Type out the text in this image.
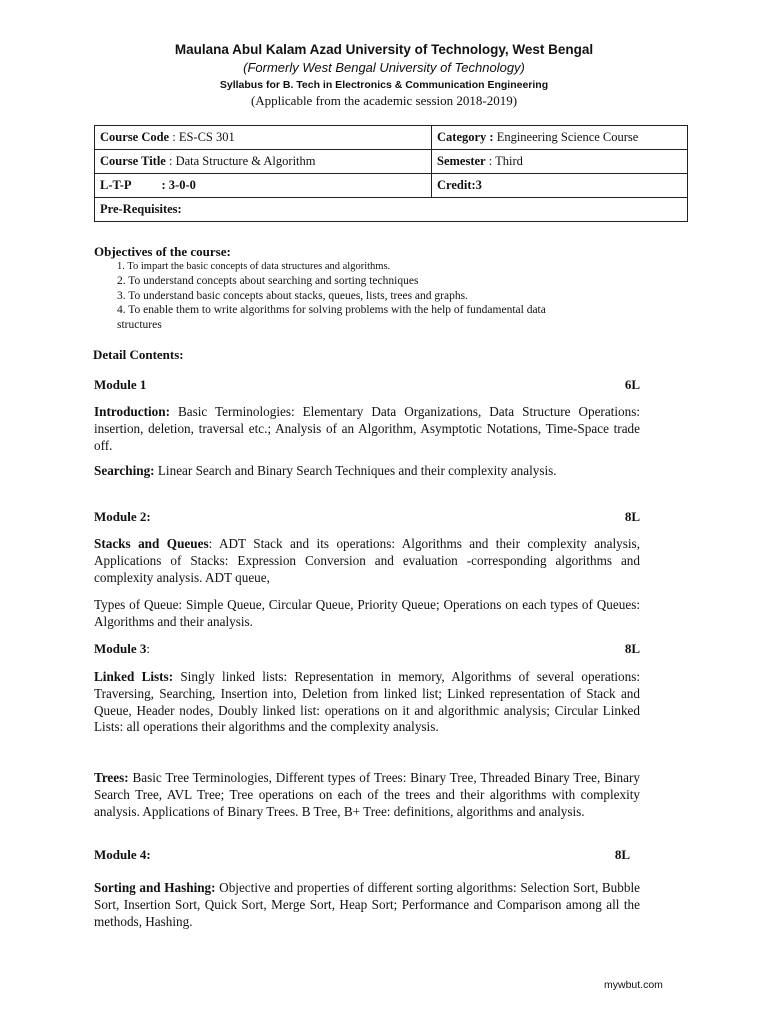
Maulana Abul Kalam Azad University of Technology, West Bengal
(Formerly West Bengal University of Technology)
Syllabus for B. Tech in Electronics & Communication Engineering
(Applicable from the academic session 2018-2019)
Course Code : ES-CS 301	Category : Engineering Science Course
Course Title : Data Structure & Algorithm	Semester : Third
L-T-P : 3-0-0	Credit:3
Pre-Requisites:	
Objectives of the course:
1. To impart the basic concepts of data structures and algorithms.
2. To understand concepts about searching and sorting techniques
3. To understand basic concepts about stacks, queues, lists, trees and graphs.
4. To enable them to write algorithms for solving problems with the help of fundamental data structures
Detail Contents:
Module 1	6L
Introduction: Basic Terminologies: Elementary Data Organizations, Data Structure Operations: insertion, deletion, traversal etc.; Analysis of an Algorithm, Asymptotic Notations, Time-Space trade off.
Searching: Linear Search and Binary Search Techniques and their complexity analysis.
Module 2:	8L
Stacks and Queues: ADT Stack and its operations: Algorithms and their complexity analysis, Applications of Stacks: Expression Conversion and evaluation -corresponding algorithms and complexity analysis. ADT queue,
Types of Queue: Simple Queue, Circular Queue, Priority Queue; Operations on each types of Queues: Algorithms and their analysis.
Module 3:	8L
Linked Lists: Singly linked lists: Representation in memory, Algorithms of several operations: Traversing, Searching, Insertion into, Deletion from linked list; Linked representation of Stack and Queue, Header nodes, Doubly linked list: operations on it and algorithmic analysis; Circular Linked Lists: all operations their algorithms and the complexity analysis.
Trees: Basic Tree Terminologies, Different types of Trees: Binary Tree, Threaded Binary Tree, Binary Search Tree, AVL Tree; Tree operations on each of the trees and their algorithms with complexity analysis. Applications of Binary Trees. B Tree, B+ Tree: definitions, algorithms and analysis.
Module 4:	8L
Sorting and Hashing: Objective and properties of different sorting algorithms: Selection Sort, Bubble Sort, Insertion Sort, Quick Sort, Merge Sort, Heap Sort; Performance and Comparison among all the methods, Hashing.
mywbut.com
